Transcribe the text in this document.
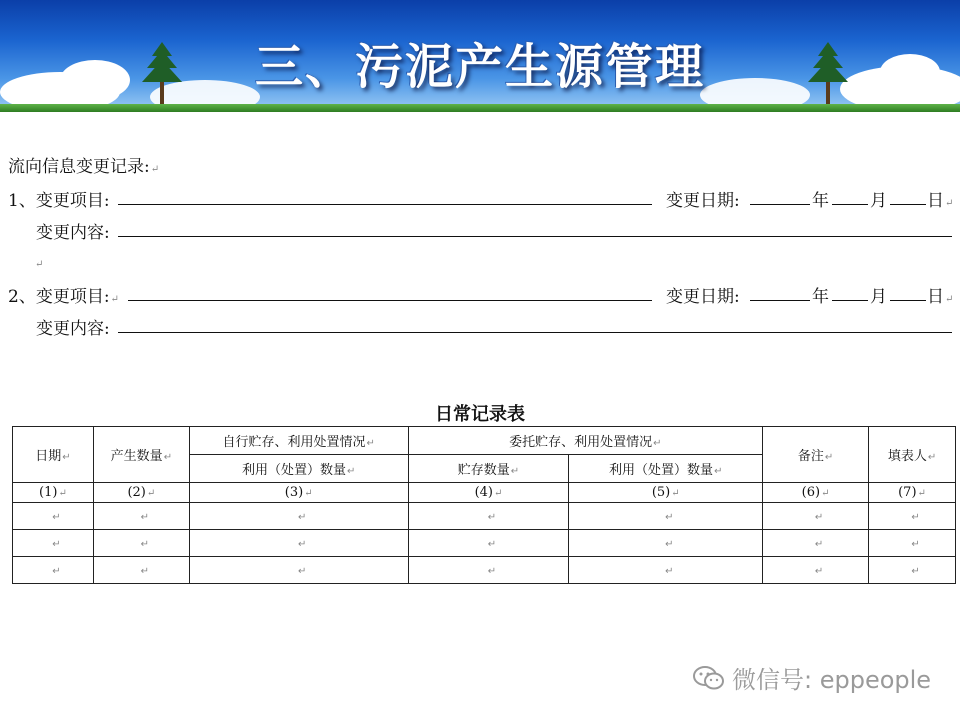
三、污泥产生源管理
流向信息变更记录:↵
1、变更项目:	变更日期:	年 月 日↵
变更内容:
↵
2、变更项目:↵	变更日期:	年 月 日↵
变更内容:
日常记录表
日期↵	产生数量↵	自行贮存、利用处置情况↵	委托贮存、利用处置情况↵		备注↵	填表人↵
		利用（处置）数量↵	贮存数量↵	利用（处置）数量↵		
(1)↵	(2)↵	(3)↵	(4)↵	(5)↵	(6)↵	(7)↵
↵	↵	↵	↵	↵	↵	↵
↵	↵	↵	↵	↵	↵	↵
↵	↵	↵	↵	↵	↵	↵
微信号: eppeople
